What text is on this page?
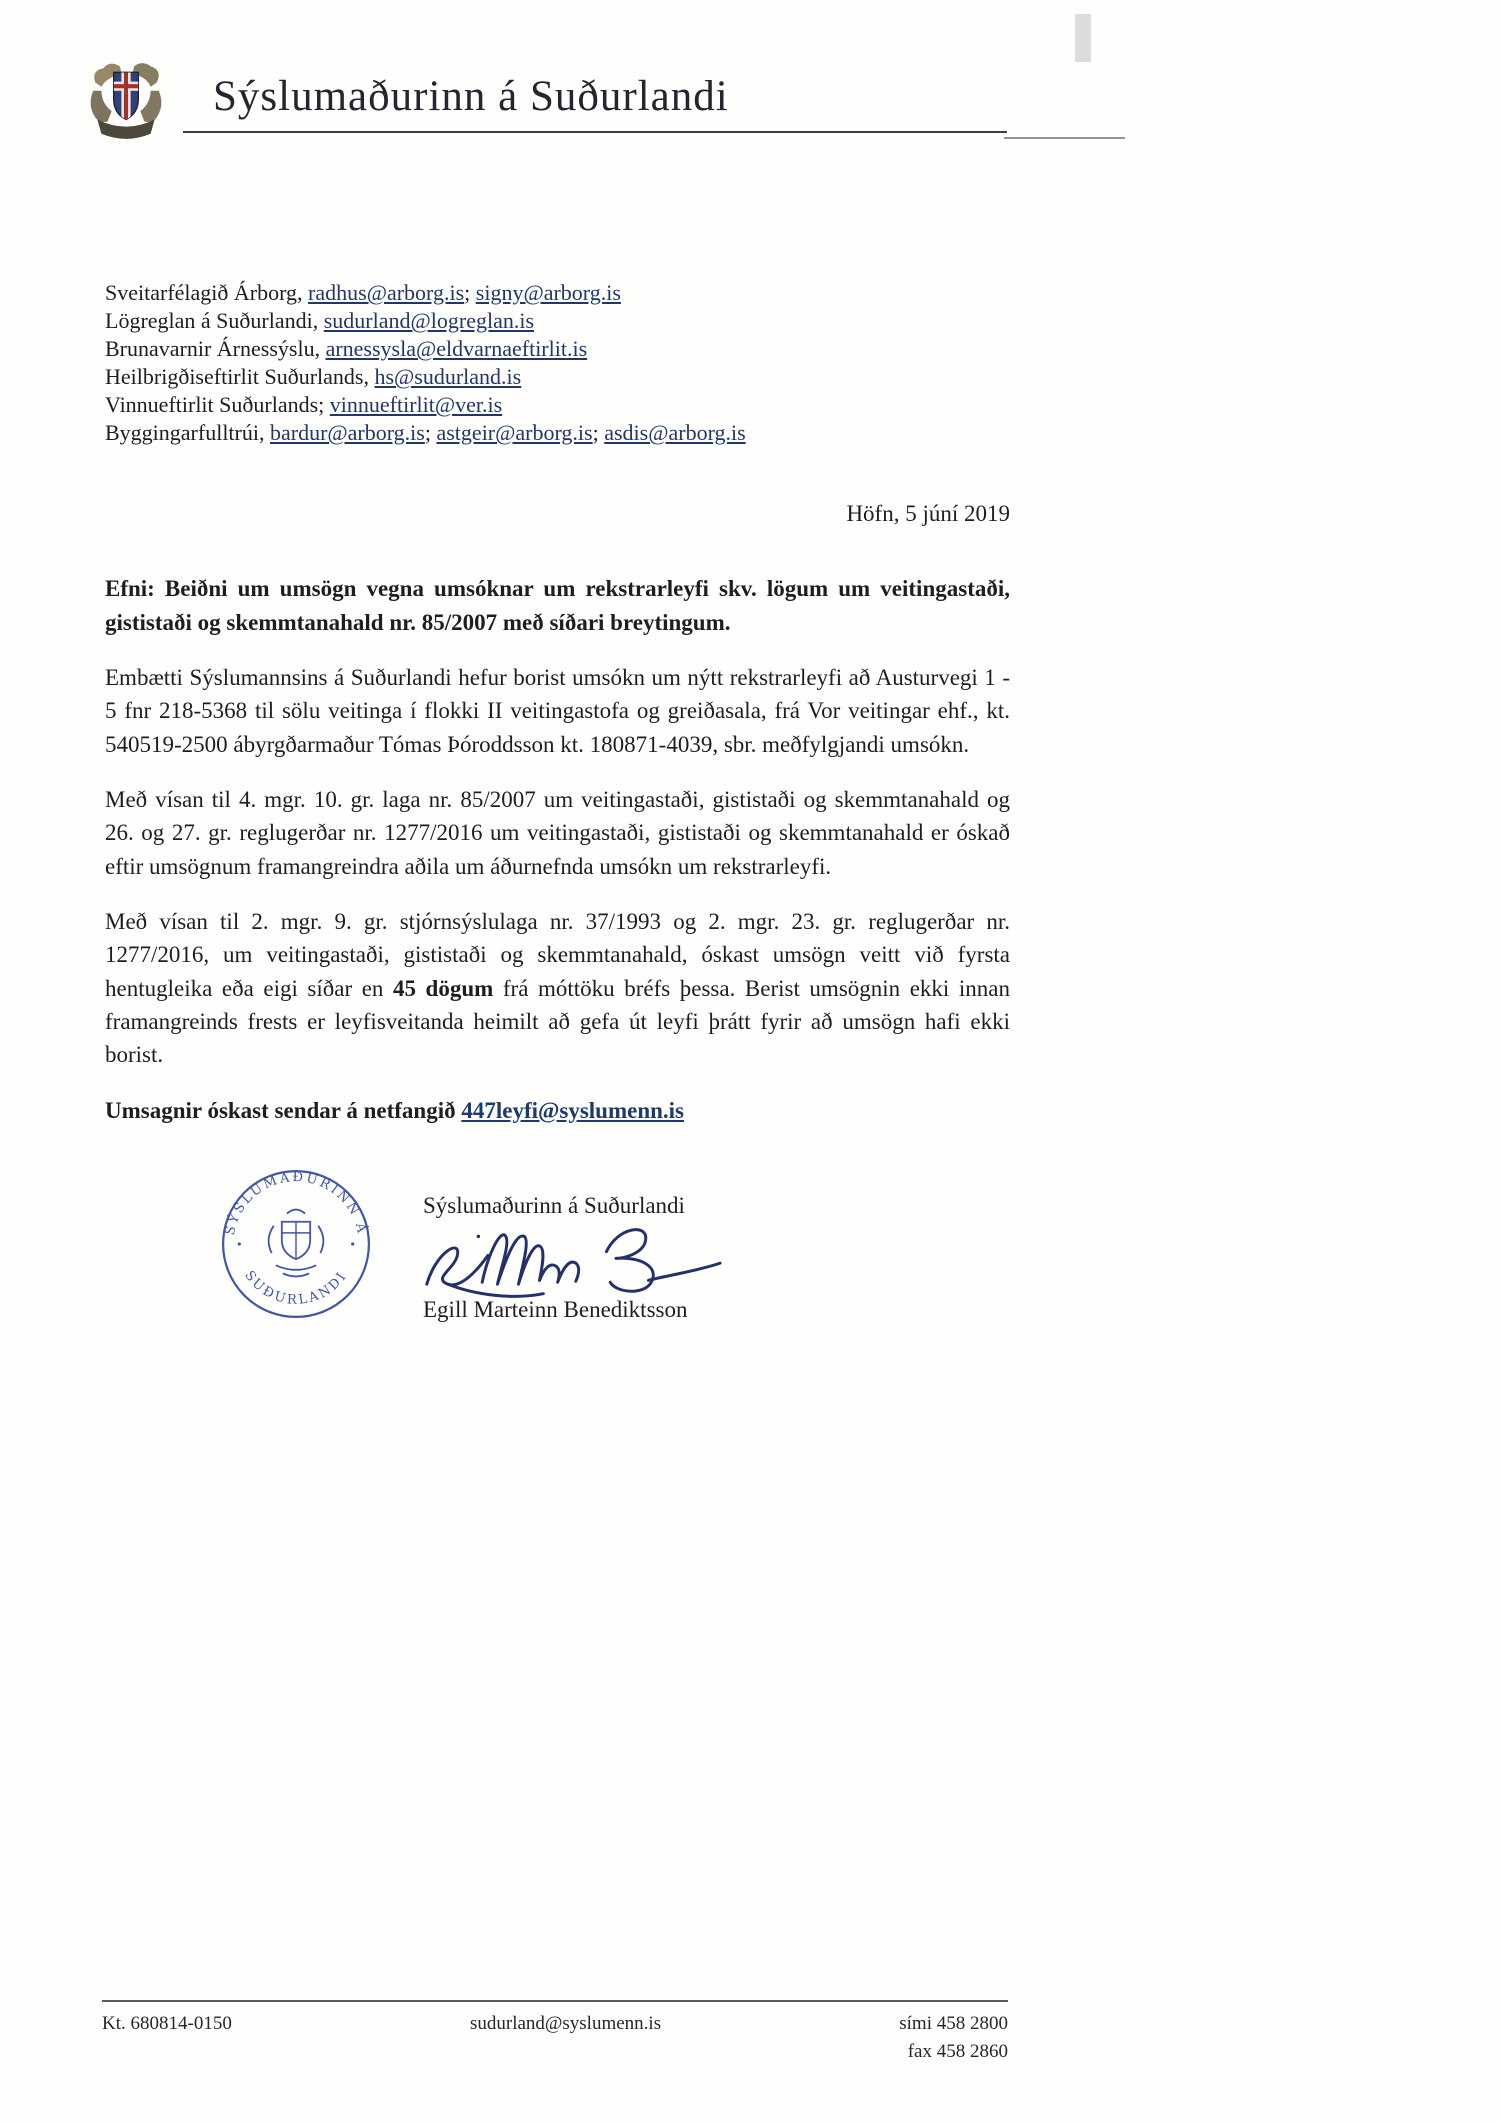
Sýslumaðurinn á Suðurlandi
Sveitarfélagið Árborg, radhus@arborg.is; signy@arborg.is
Lögreglan á Suðurlandi, sudurland@logreglan.is
Brunavarnir Árnessýslu, arnessysla@eldvarnaeftirlit.is
Heilbrigðiseftirlit Suðurlands, hs@sudurland.is
Vinnueftirlit Suðurlands; vinnueftirlit@ver.is
Byggingarfulltrúi, bardur@arborg.is; astgeir@arborg.is; asdis@arborg.is
Höfn, 5 júní 2019

Efni: Beiðni um umsögn vegna umsóknar um rekstrarleyfi skv. lögum um veitingastaði, gististaði og skemmtanahald nr. 85/2007 með síðari breytingum.

Embætti Sýslumannsins á Suðurlandi hefur borist umsókn um nýtt rekstrarleyfi að Austurvegi 1 - 5 fnr 218-5368 til sölu veitinga í flokki II veitingastofa og greiðasala, frá Vor veitingar ehf., kt. 540519-2500 ábyrgðarmaður Tómas Þóroddsson kt. 180871-4039, sbr. meðfylgjandi umsókn.

Með vísan til 4. mgr. 10. gr. laga nr. 85/2007 um veitingastaði, gististaði og skemmtanahald og 26. og 27. gr. reglugerðar nr. 1277/2016 um veitingastaði, gististaði og skemmtanahald er óskað eftir umsögnum framangreindra aðila um áðurnefnda umsókn um rekstrarleyfi.

Með vísan til 2. mgr. 9. gr. stjórnsýslulaga nr. 37/1993 og 2. mgr. 23. gr. reglugerðar nr. 1277/2016, um veitingastaði, gististaði og skemmtanahald, óskast umsögn veitt við fyrsta hentugleika eða eigi síðar en 45 dögum frá móttöku bréfs þessa. Berist umsögnin ekki innan framangreinds frests er leyfisveitanda heimilt að gefa út leyfi þrátt fyrir að umsögn hafi ekki borist.

Umsagnir óskast sendar á netfangið 447leyfi@syslumenn.is

SÝSLUMAÐURINN Á
SUÐURLANDI
Sýslumaðurinn á Suðurlandi
Egill Marteinn Benediktsson
Kt. 680814-0150	sudurland@syslumenn.is	sími 458 2800
fax 458 2860
